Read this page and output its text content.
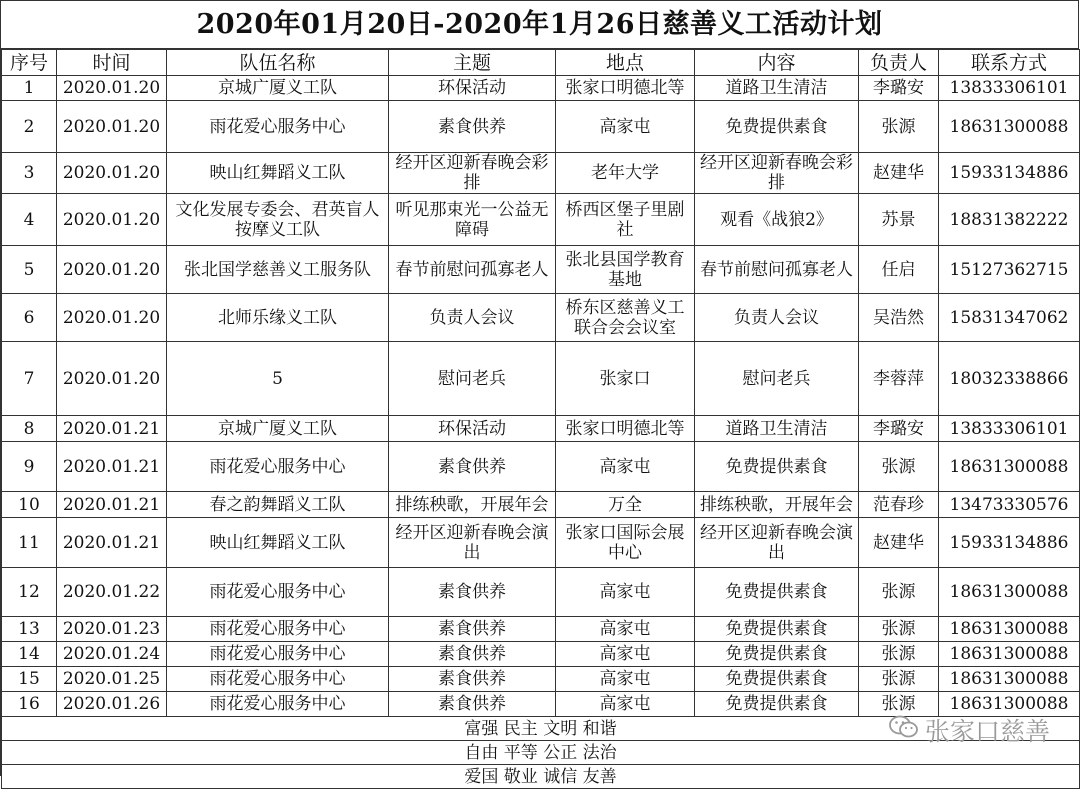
2020年01月20日-2020年1月26日慈善义工活动计划
序号	时间	队伍名称	主题	地点	内容	负责人	联系方式
1	2020.01.20	京城广厦义工队	环保活动	张家口明德北等	道路卫生清洁	李璐安	13833306101
2	2020.01.20	雨花爱心服务中心	素食供养	高家屯	免费提供素食	张源	18631300088
3	2020.01.20	映山红舞蹈义工队	经开区迎新春晚会彩排	老年大学	经开区迎新春晚会彩排	赵建华	15933134886
4	2020.01.20	文化发展专委会、君英盲人按摩义工队	听见那束光一公益无障碍	桥西区堡子里剧社	观看《战狼2》	苏景	18831382222
5	2020.01.20	张北国学慈善义工服务队	春节前慰问孤寡老人	张北县国学教育基地	春节前慰问孤寡老人	任启	15127362715
6	2020.01.20	北师乐缘义工队	负责人会议	桥东区慈善义工联合会会议室	负责人会议	吴浩然	15831347062
7	2020.01.20	5	慰问老兵	张家口	慰问老兵	李蓉萍	18032338866
8	2020.01.21	京城广厦义工队	环保活动	张家口明德北等	道路卫生清洁	李璐安	13833306101
9	2020.01.21	雨花爱心服务中心	素食供养	高家屯	免费提供素食	张源	18631300088
10	2020.01.21	春之韵舞蹈义工队	排练秧歌，开展年会	万全	排练秧歌，开展年会	范春珍	13473330576
11	2020.01.21	映山红舞蹈义工队	经开区迎新春晚会演出	张家口国际会展中心	经开区迎新春晚会演出	赵建华	15933134886
12	2020.01.22	雨花爱心服务中心	素食供养	高家屯	免费提供素食	张源	18631300088
13	2020.01.23	雨花爱心服务中心	素食供养	高家屯	免费提供素食	张源	18631300088
14	2020.01.24	雨花爱心服务中心	素食供养	高家屯	免费提供素食	张源	18631300088
15	2020.01.25	雨花爱心服务中心	素食供养	高家屯	免费提供素食	张源	18631300088
16	2020.01.26	雨花爱心服务中心	素食供养	高家屯	免费提供素食	张源	18631300088
富强 民主 文明 和谐							
自由 平等 公正 法治							
爱国 敬业 诚信 友善							
张家口慈善
